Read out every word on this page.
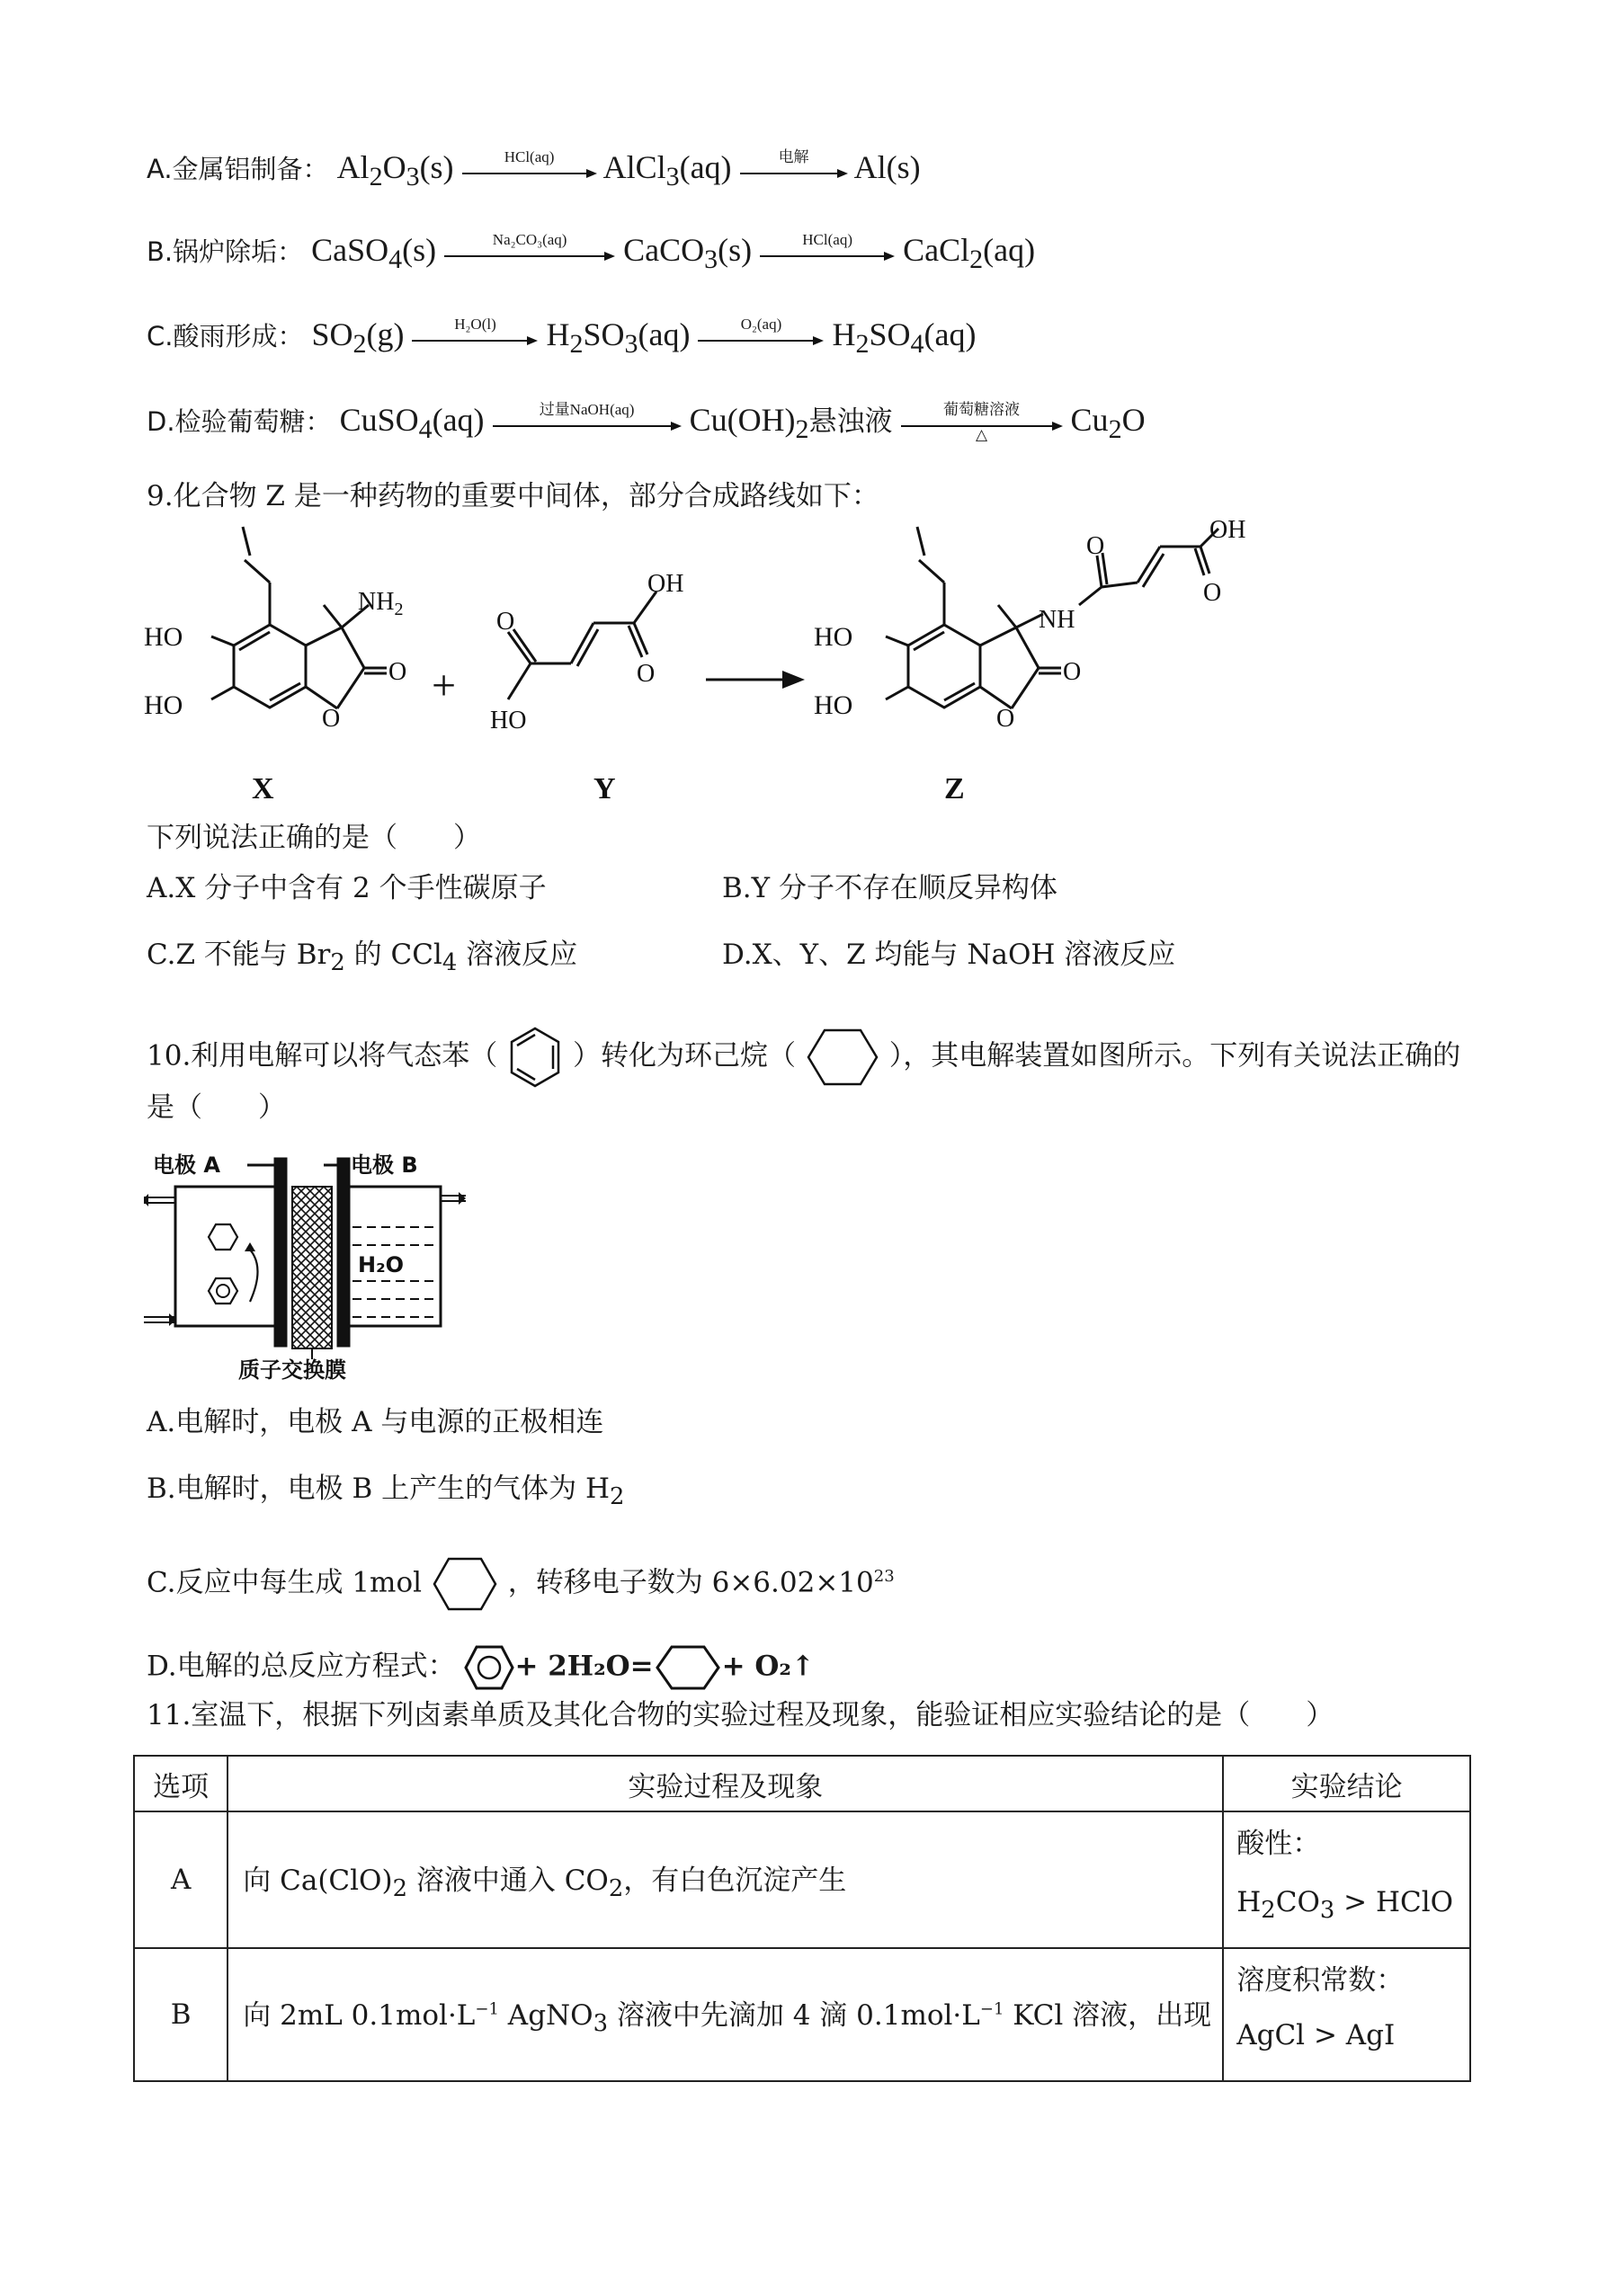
A.金属铝制备： $Al_2O_3(s)$	HCl(aq)	AlCl$_3$(aq)	电解	Al(s)
B.锅炉除垢： CaSO$_4$(s)	Na₂CO₃(aq)	CaCO$_3$(s)	HCl(aq)	CaCl$_2$(aq)
C.酸雨形成： $SO_2(g)$	H₂O(l)	$H_2SO_3(aq)$	O₂(aq)	$H_2SO_4(aq)$
D.检验葡萄糖： CuSO$_4$(aq)	过量NaOH(aq)	$Cu(OH)_2$悬浊液	葡萄糖溶液
△	$Cu_2O$
9.化合物 Z 是一种药物的重要中间体，部分合成路线如下：
HO
HO
$NH_2$
O
O
X
+
HO
OH
O
O
Y
HO
HO
NH
O
O
OH
O
O
Z
下列说法正确的是（　　）
A.X 分子中含有 2 个手性碳原子	B.Y 分子不存在顺反异构体
C.Z 不能与 $Br_2$ 的 CCl$_4$ 溶液反应	D.X、Y、Z 均能与 NaOH 溶液反应
10.利用电解可以将气态苯（	）转化为环己烷（	），其电解装置如图所示。下列有关说法正确的
是（　　）
电极 A	电极 B
H₂O
质子交换膜
A.电解时，电极 A 与电源的正极相连
B.电解时，电极 B 上产生的气体为 $H_2$
C.反应中每生成 1mol	，转移电子数为 $6\times 6.02\times 10^{23}$
D.电解的总反应方程式： + 2H₂O= + O₂↑
11.室温下，根据下列卤素单质及其化合物的实验过程及现象，能验证相应实验结论的是（　　）
选项	实验过程及现象	实验结论
A	向 $Ca(ClO)_2$ 溶液中通入 $CO_2$，有白色沉淀产生	酸性：
$H_2CO_3$ > HClO

B	向 2mL $0.1mol\cdot L^{-1}$ AgNO$_3$ 溶液中先滴加 4 滴 $0.1mol\cdot L^{-1}$ KCl 溶液，出现	溶度积常数：
AgCl > AgI
